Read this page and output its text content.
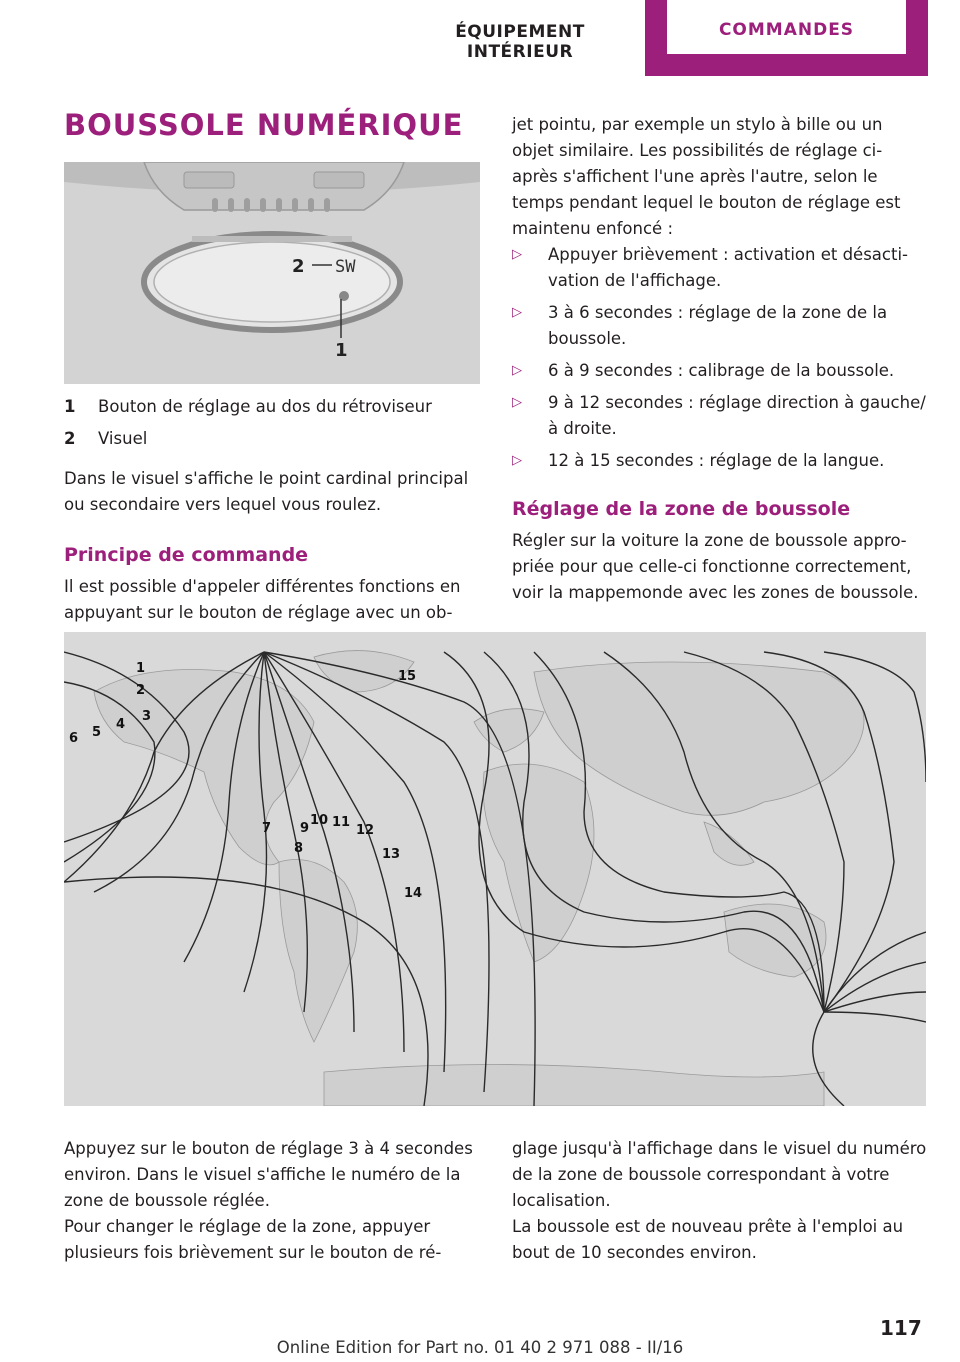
ÉQUIPEMENT INTÉRIEUR
COMMANDES
BOUSSOLE NUMÉRIQUE
2 SW
1
1 Bouton de réglage au dos du rétroviseur
2 Visuel

Dans le visuel s'affiche le point cardinal principal ou secondaire vers lequel vous roulez.

Principe de commande

Il est possible d'appeler différentes fonctions en appuyant sur le bouton de réglage avec un ob-

jet pointu, par exemple un stylo à bille ou un objet similaire. Les possibilités de réglage ci-après s'affichent l'une après l'autre, selon le temps pendant lequel le bouton de réglage est maintenu enfoncé :

▷ Appuyer brièvement : activation et désactivation de l'affichage.
▷ 3 à 6 secondes : réglage de la zone de la boussole.
▷ 6 à 9 secondes : calibrage de la boussole.
▷ 9 à 12 secondes : réglage direction à gauche/à droite.
▷ 12 à 15 secondes : réglage de la langue.
Réglage de la zone de boussole

Régler sur la voiture la zone de boussole appropriée pour que celle-ci fonctionne correctement, voir la mappemonde avec les zones de boussole.

1
2
3
4
5
6
7
8
9
10 11
12
13
14
15

Appuyez sur le bouton de réglage 3 à 4 secondes environ. Dans le visuel s'affiche le numéro de la zone de boussole réglée.

Pour changer le réglage de la zone, appuyer plusieurs fois brièvement sur le bouton de ré-

glage jusqu'à l'affichage dans le visuel du numéro de la zone de boussole correspondant à votre localisation.

La boussole est de nouveau prête à l'emploi au bout de 10 secondes environ.

117
Online Edition for Part no. 01 40 2 971 088 - II/16
